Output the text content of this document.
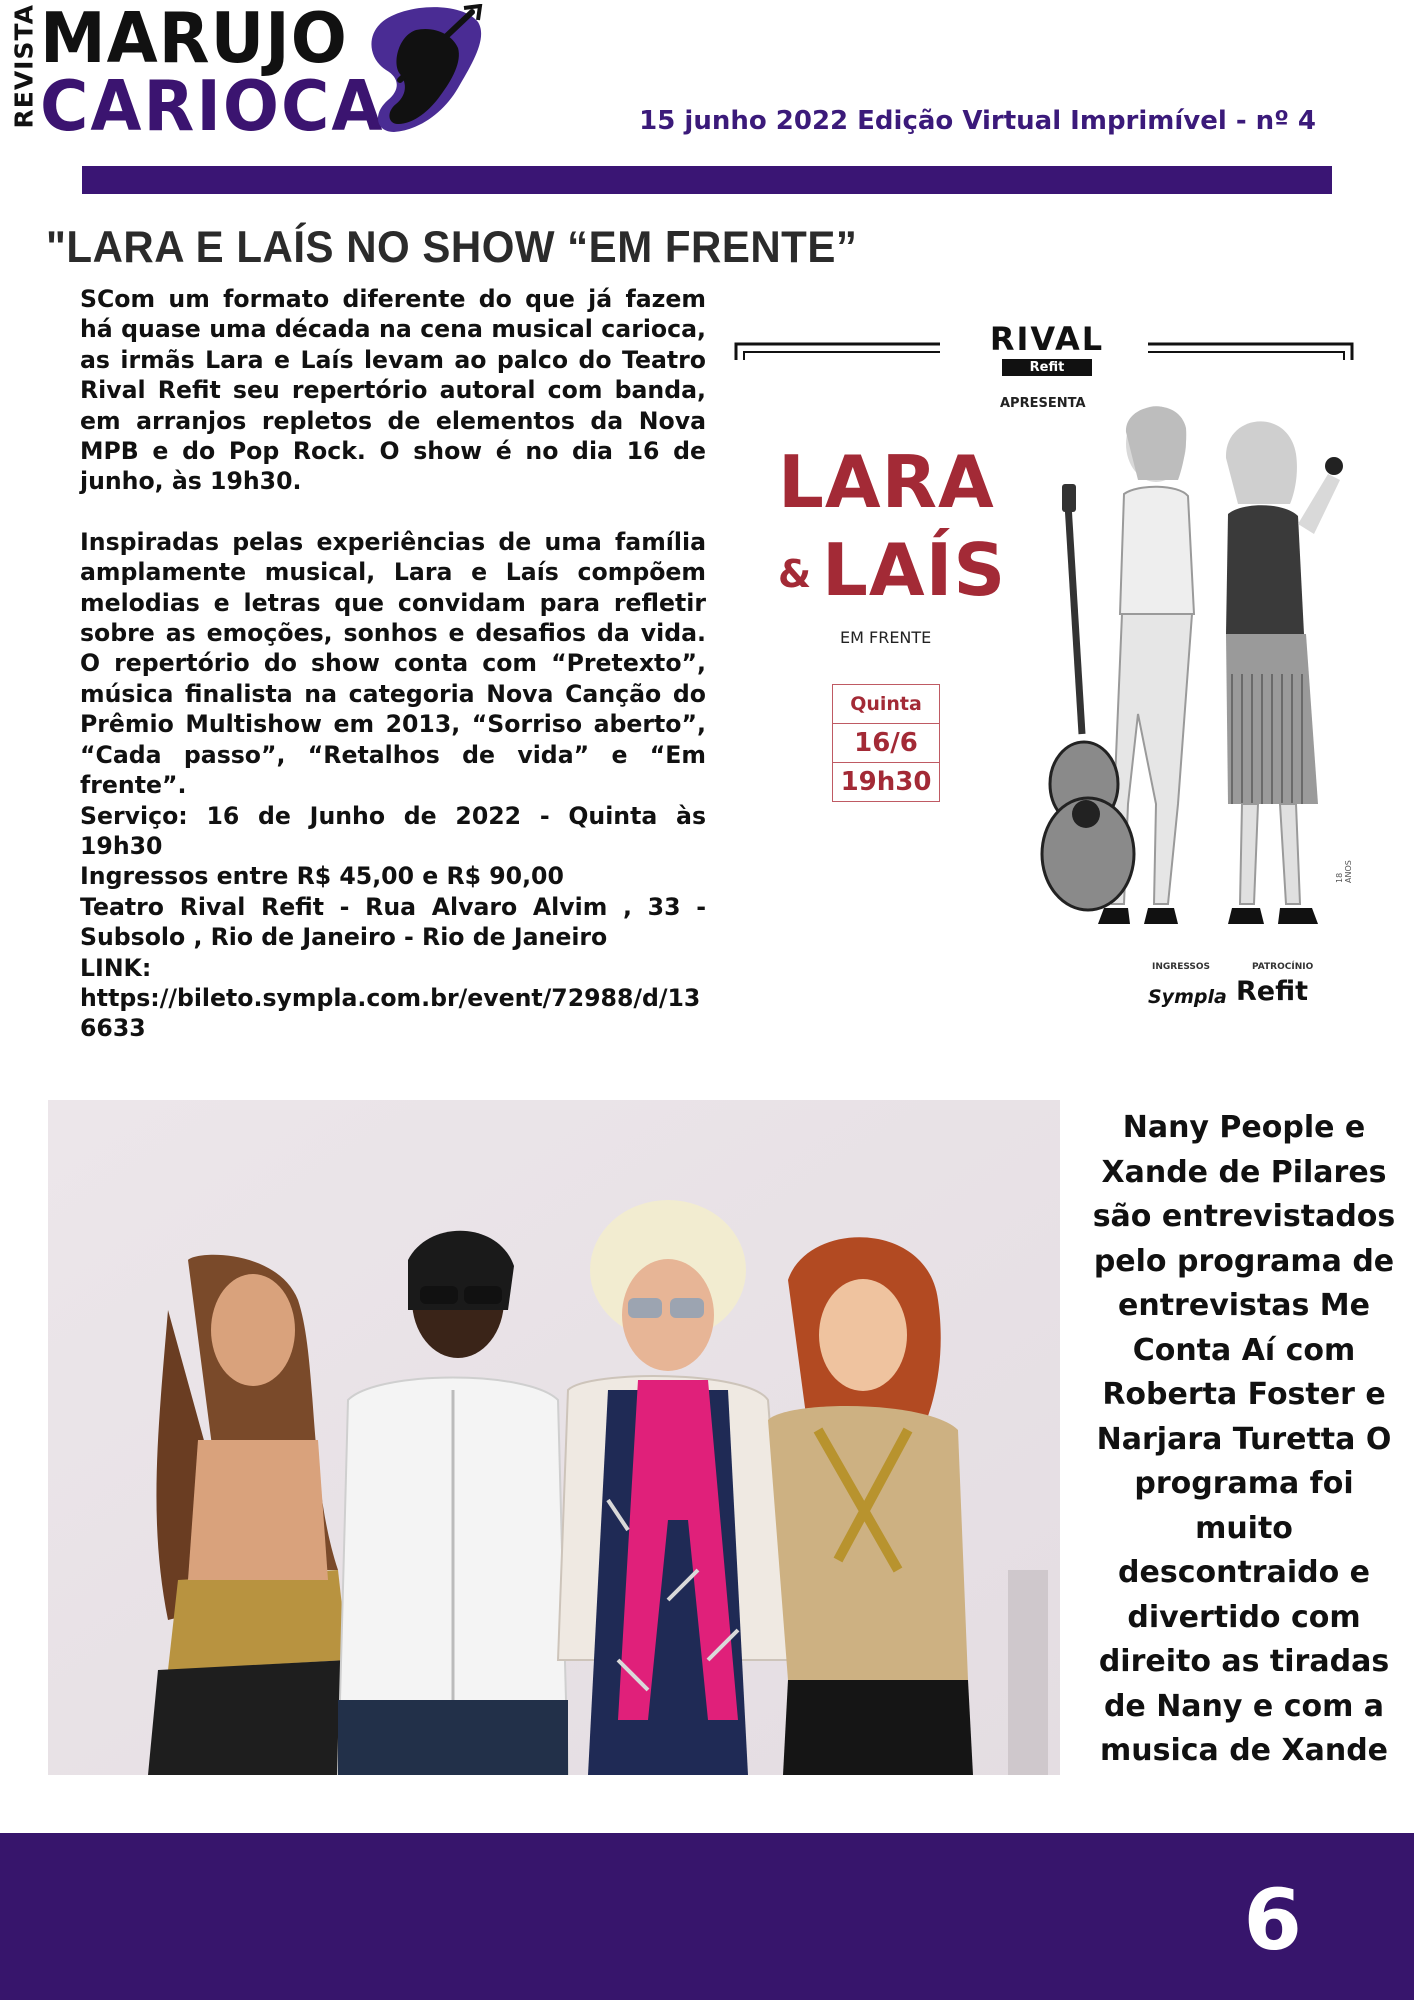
REVISTA MARUJO
CARIOCA	15 junho 2022 Edição Virtual Imprimível - nº 4
"LARA E LAÍS NO SHOW “EM FRENTE”

SCom um formato diferente do que já fazem há quase uma década na cena musical carioca, as irmãs Lara e Laís levam ao palco do Teatro Rival Refit seu repertório autoral com banda, em arranjos repletos de elementos da Nova MPB e do Pop Rock. O show é no dia 16 de junho, às 19h30.

Inspiradas pelas experiências de uma família amplamente musical, Lara e Laís compõem melodias e letras que convidam para refletir sobre as emoções, sonhos e desafios da vida. O repertório do show conta com “Pretexto”, música finalista na categoria Nova Canção do Prêmio Multishow em 2013, “Sorriso aberto”, “Cada passo”, “Retalhos de vida” e “Em frente”.

Serviço: 16 de Junho de 2022 - Quinta às 19h30

Ingressos entre R$ 45,00 e R$ 90,00

Teatro Rival Refit - Rua Alvaro Alvim , 33 - Subsolo , Rio de Janeiro - Rio de Janeiro

LINK:

https://bileto.sympla.com.br/event/72988/d/136633

RIVAL
Refit
APRESENTA
LARA
& LAÍS
EM FRENTE
Quinta
16/6
19h30
18 ANOS
INGRESSOS	PATROCÍNIO
Sympla Refit
Nany People e Xande de Pilares são entrevistados pelo programa de entrevistas Me Conta Aí com Roberta Foster e Narjara Turetta O programa foi muito descontraido e divertido com direito as tiradas de Nany e com a musica de Xande
6
